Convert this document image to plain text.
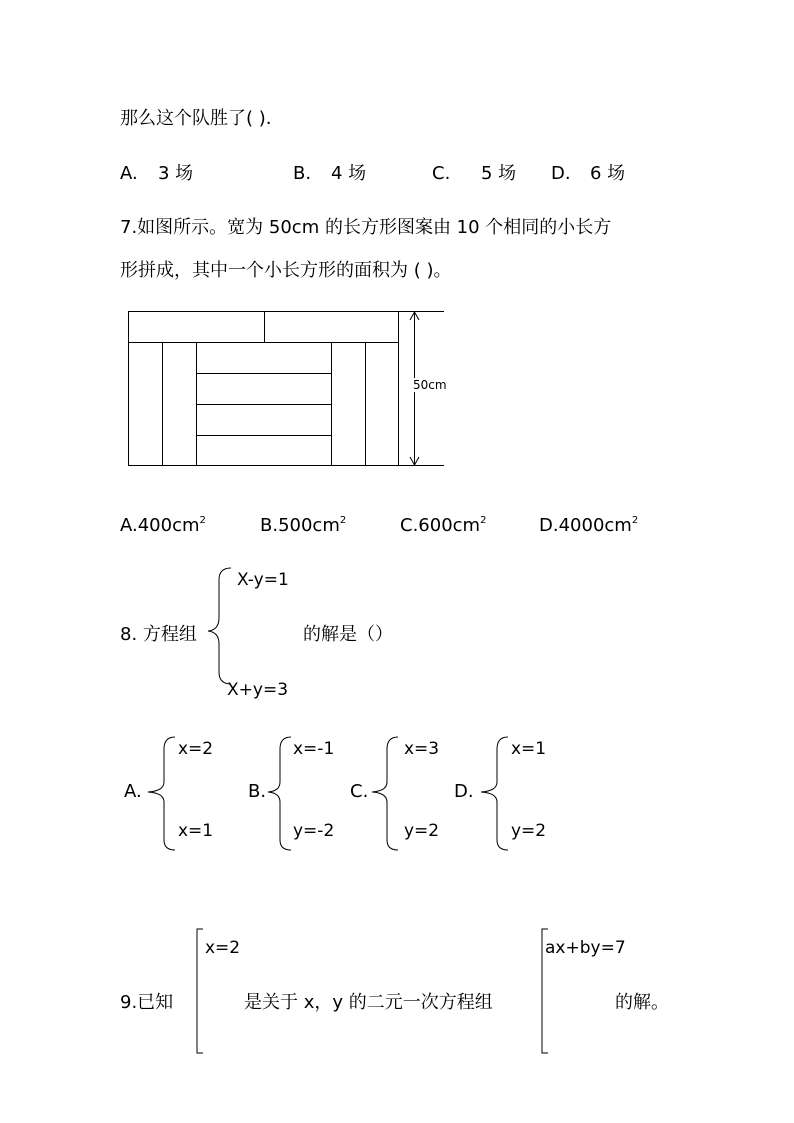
那么这个队胜了( ).
A. 3 场	B. 4 场	C. 5 场 D. 6 场
7.如图所示。宽为 50cm 的长方形图案由 10 个相同的小长方
形拼成，其中一个小长方形的面积为 ( )。
50cm
$A.400cm^2$	$B.500cm^2$	$C.600cm^2$	$D.4000cm^2$
X-y=1
8. 方程组	的解是（）
X+y=3
A.
x=2
x=1
B.
x=-1
y=-2
C.
x=3
y=2
D.
x=1
y=2
x=2	ax+by=7
9.已知	是关于 x，y 的二元一次方程组	的解。
